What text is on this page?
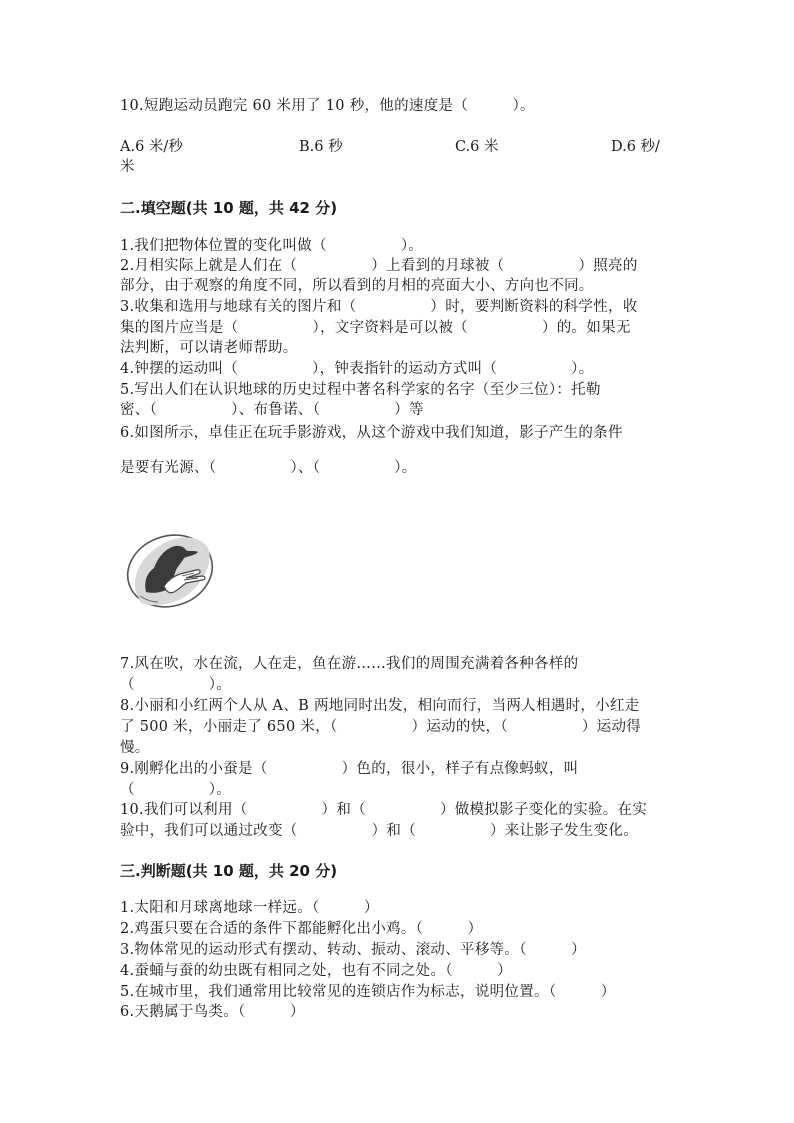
10.短跑运动员跑完 60 米用了 10 秒，他的速度是（　　　）。
A.6 米/秒	B.6 秒	C.6 米	D.6 秒/
米
二.填空题(共 10 题，共 42 分)
1.我们把物体位置的变化叫做（　　　　　）。
2.月相实际上就是人们在（　　　　　）上看到的月球被（　　　　　）照亮的
部分，由于观察的角度不同，所以看到的月相的亮面大小、方向也不同。
3.收集和选用与地球有关的图片和（　　　　　）时，要判断资料的科学性，收
集的图片应当是（　　　　　），文字资料是可以被（　　　　　）的。如果无
法判断，可以请老师帮助。
4.钟摆的运动叫（　　　　　），钟表指针的运动方式叫（　　　　　）。
5.写出人们在认识地球的历史过程中著名科学家的名字（至少三位）：托勒
密、（　　　　　）、布鲁诺、（　　　　　）等
6.如图所示，卓佳正在玩手影游戏，从这个游戏中我们知道，影子产生的条件
是要有光源、（　　　　　）、（　　　　　）。
7.风在吹，水在流，人在走，鱼在游……我们的周围充满着各种各样的
（　　　　　）。
8.小丽和小红两个人从 A、B 两地同时出发，相向而行，当两人相遇时，小红走
了 500 米，小丽走了 650 米，（　　　　　）运动的快，（　　　　　）运动得
慢。
9.刚孵化出的小蚕是（　　　　　）色的，很小，样子有点像蚂蚁，叫
（　　　　　）。
10.我们可以利用（　　　　　）和（　　　　　）做模拟影子变化的实验。在实
验中，我们可以通过改变（　　　　　）和（　　　　　）来让影子发生变化。
三.判断题(共 10 题，共 20 分)
1.太阳和月球离地球一样远。（　　　）
2.鸡蛋只要在合适的条件下都能孵化出小鸡。（　　　）
3.物体常见的运动形式有摆动、转动、振动、滚动、平移等。（　　　）
4.蚕蛹与蚕的幼虫既有相同之处，也有不同之处。（　　　）
5.在城市里，我们通常用比较常见的连锁店作为标志，说明位置。（　　　）
6.天鹅属于鸟类。（　　　）
